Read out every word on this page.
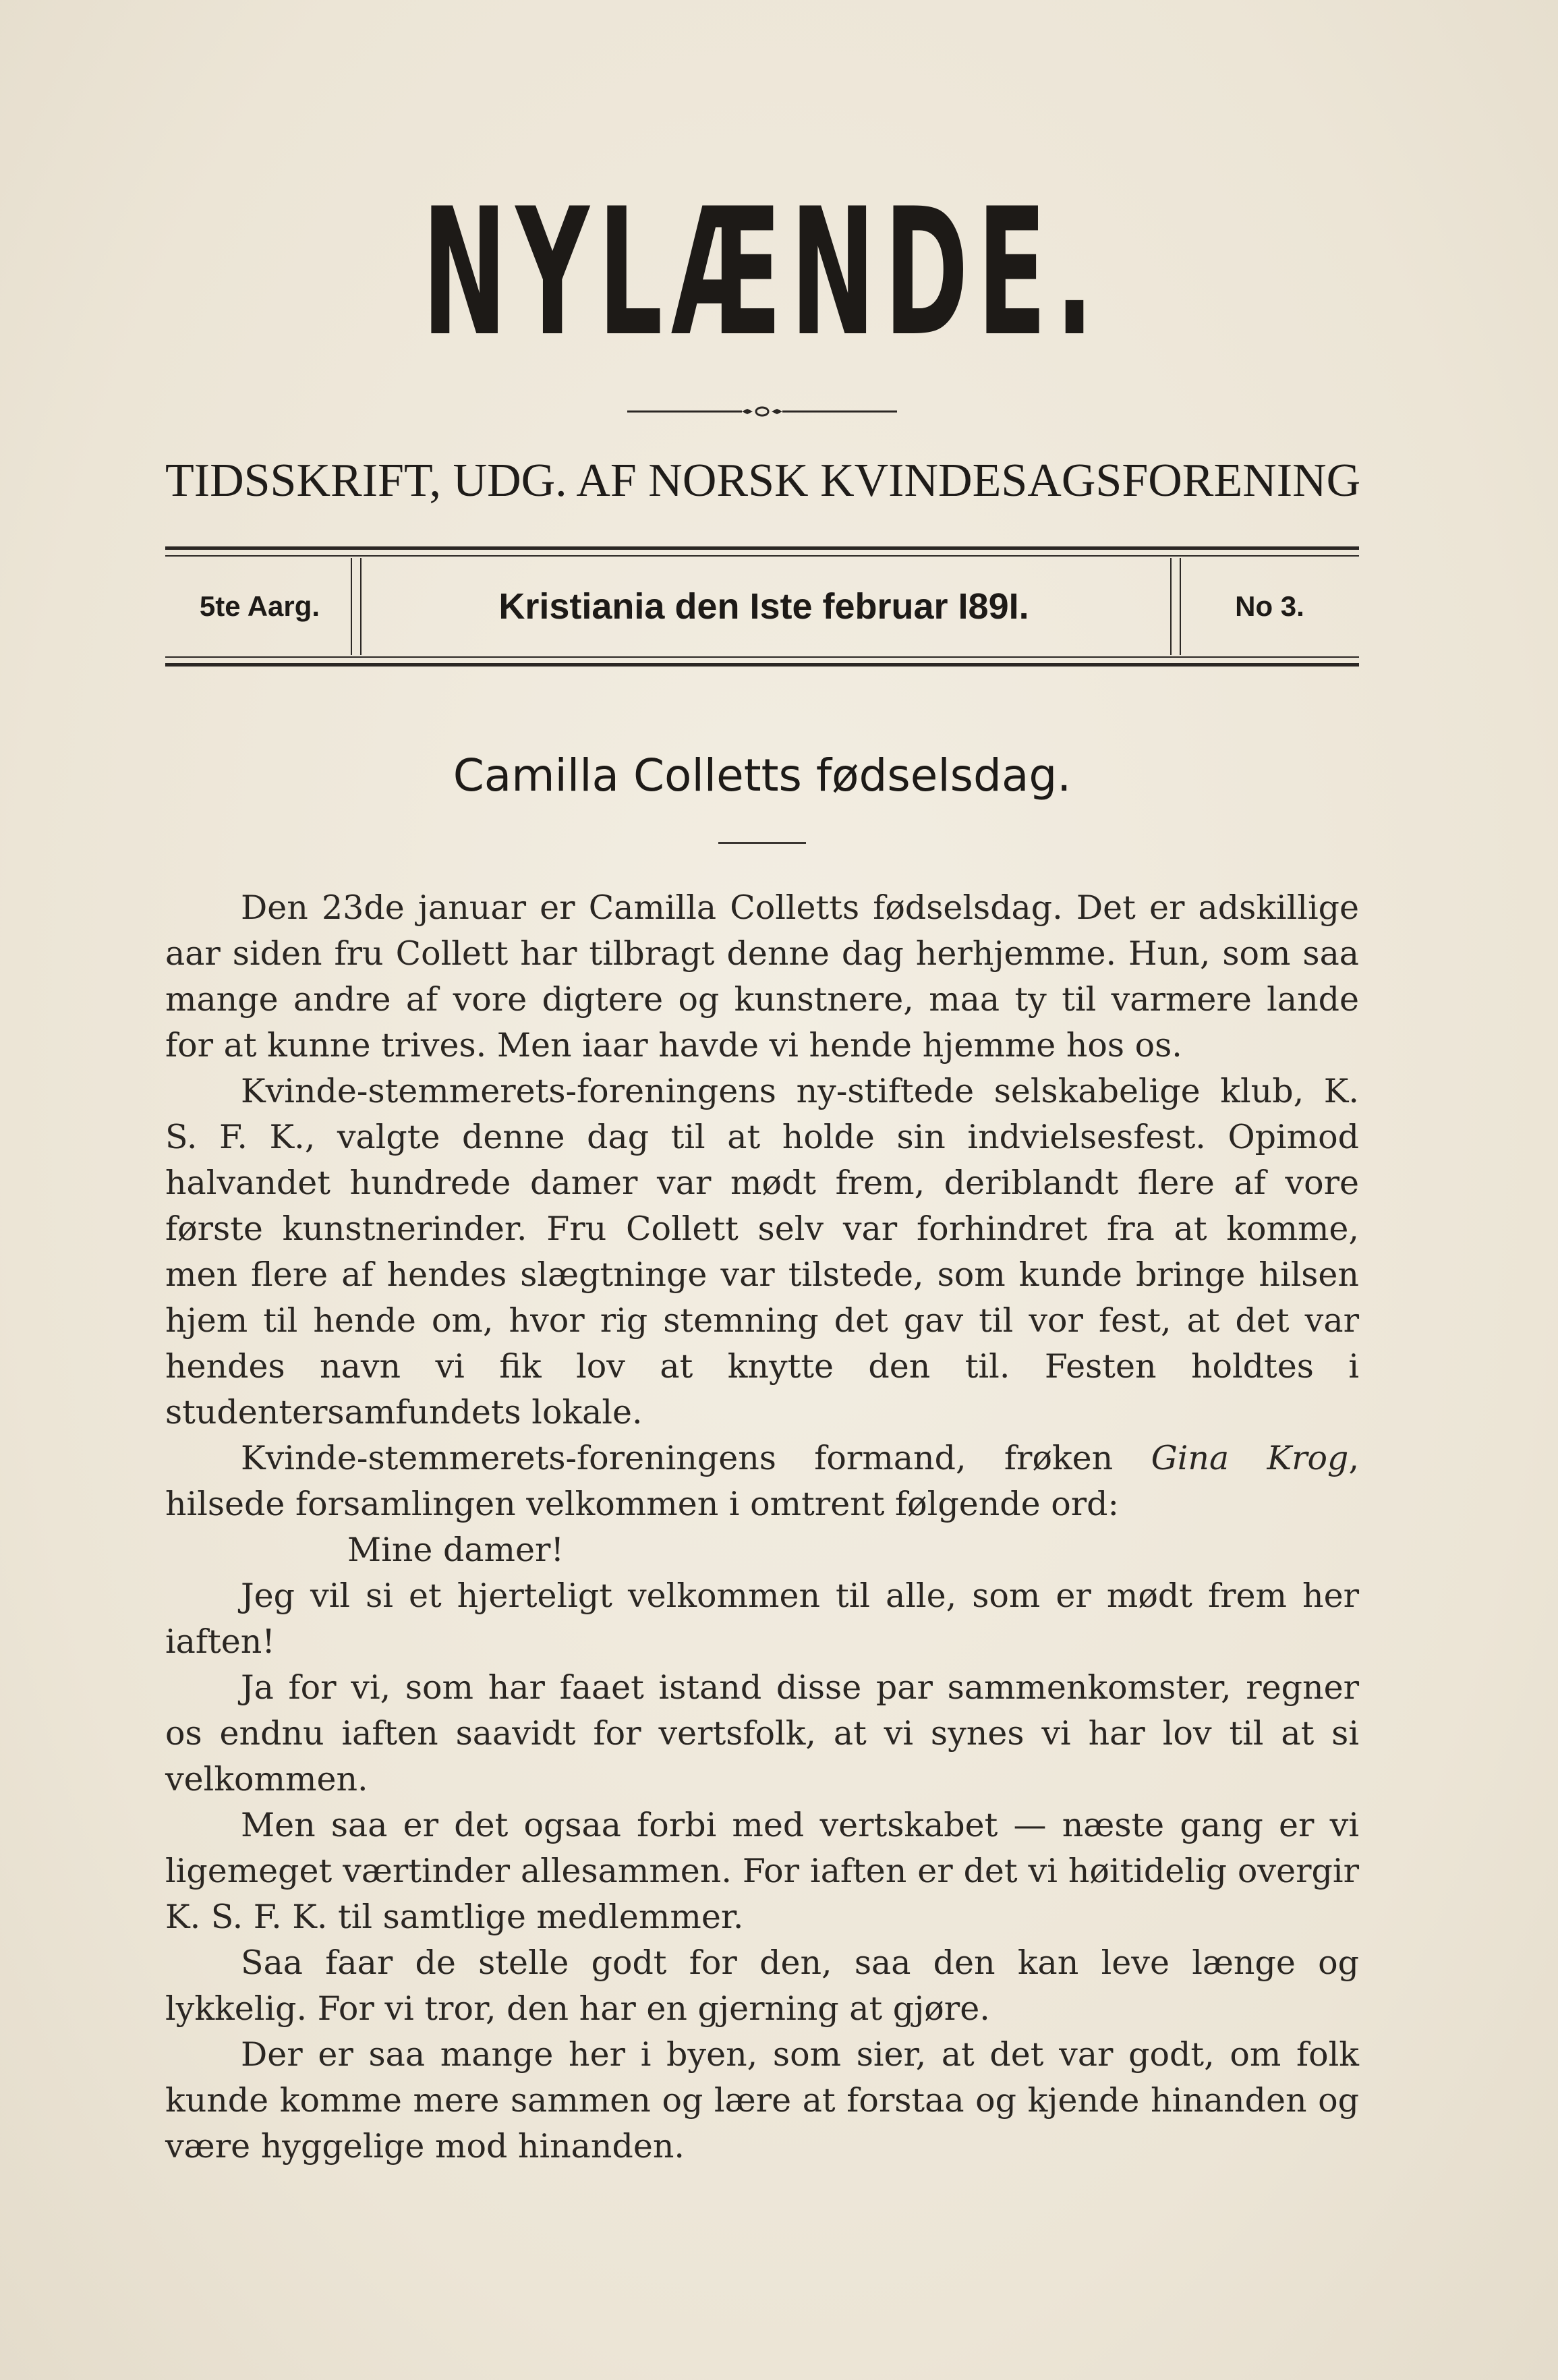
NYLÆNDE.
TIDSSKRIFT, UDG. AF NORSK KVINDESAGSFORENING
5te Aarg.	Kristiania den Iste februar I89I.	No 3.
Camilla Colletts fødselsdag.

Den 23de januar er Camilla Colletts fødselsdag. Det er adskillige aar siden fru Collett har tilbragt denne dag herhjemme. Hun, som saa mange andre af vore digtere og kunstnere, maa ty til varmere lande for at kunne trives. Men iaar havde vi hende hjemme hos os.

Kvinde-stemmerets-foreningens ny-stiftede selskabelige klub, K. S. F. K., valgte denne dag til at holde sin indvielsesfest. Opimod halvandet hundrede damer var mødt frem, deriblandt flere af vore første kunstnerinder. Fru Collett selv var forhindret fra at komme, men flere af hendes slægtninge var tilstede, som kunde bringe hilsen hjem til hende om, hvor rig stemning det gav til vor fest, at det var hendes navn vi fik lov at knytte den til. Festen holdtes i studentersamfundets lokale.

Kvinde-stemmerets-foreningens formand, frøken Gina Krog, hilsede forsamlingen velkommen i omtrent følgende ord:

Mine damer!

Jeg vil si et hjerteligt velkommen til alle, som er mødt frem her iaften!

Ja for vi, som har faaet istand disse par sammenkomster, regner os endnu iaften saavidt for vertsfolk, at vi synes vi har lov til at si velkommen.

Men saa er det ogsaa forbi med vertskabet — næste gang er vi ligemeget værtinder allesammen. For iaften er det vi høitidelig overgir K. S. F. K. til samtlige medlemmer.

Saa faar de stelle godt for den, saa den kan leve længe og lykkelig. For vi tror, den har en gjerning at gjøre.

Der er saa mange her i byen, som sier, at det var godt, om folk kunde komme mere sammen og lære at forstaa og kjende hinanden og være hyggelige mod hinanden.
